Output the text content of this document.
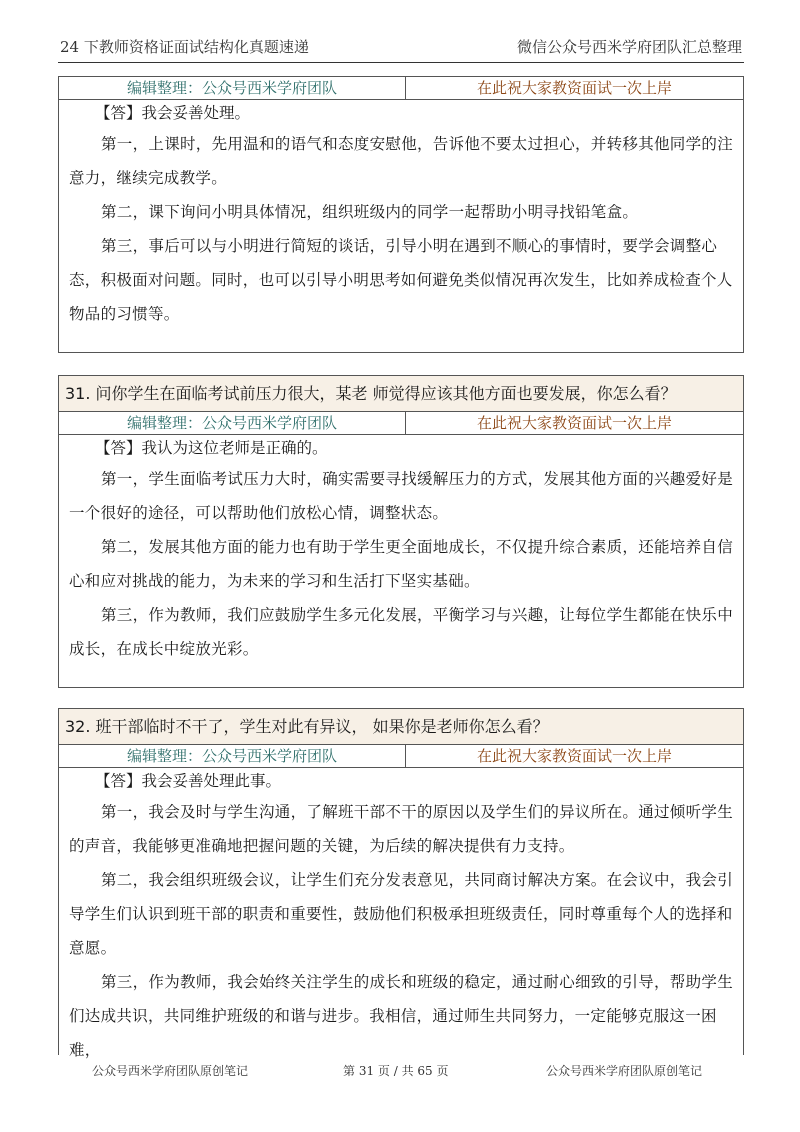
24 下教师资格证面试结构化真题速递	微信公众号西米学府团队汇总整理
编辑整理：公众号西米学府团队	在此祝大家教资面试一次上岸
【答】我会妥善处理。

第一，上课时，先用温和的语气和态度安慰他，告诉他不要太过担心，并转移其他同学的注意力，继续完成教学。

第二，课下询问小明具体情况，组织班级内的同学一起帮助小明寻找铅笔盒。

第三，事后可以与小明进行简短的谈话，引导小明在遇到不顺心的事情时，要学会调整心态，积极面对问题。同时，也可以引导小明思考如何避免类似情况再次发生，比如养成检查个人物品的习惯等。

31. 问你学生在面临考试前压力很大，某老 师觉得应该其他方面也要发展，你怎么看？
编辑整理：公众号西米学府团队	在此祝大家教资面试一次上岸
【答】我认为这位老师是正确的。

第一，学生面临考试压力大时，确实需要寻找缓解压力的方式，发展其他方面的兴趣爱好是一个很好的途径，可以帮助他们放松心情，调整状态。

第二，发展其他方面的能力也有助于学生更全面地成长，不仅提升综合素质，还能培养自信心和应对挑战的能力，为未来的学习和生活打下坚实基础。

第三，作为教师，我们应鼓励学生多元化发展，平衡学习与兴趣，让每位学生都能在快乐中成长，在成长中绽放光彩。

32. 班干部临时不干了，学生对此有异议， 如果你是老师你怎么看？
编辑整理：公众号西米学府团队	在此祝大家教资面试一次上岸
【答】我会妥善处理此事。

第一，我会及时与学生沟通，了解班干部不干的原因以及学生们的异议所在。通过倾听学生的声音，我能够更准确地把握问题的关键，为后续的解决提供有力支持。

第二，我会组织班级会议，让学生们充分发表意见，共同商讨解决方案。在会议中，我会引导学生们认识到班干部的职责和重要性，鼓励他们积极承担班级责任，同时尊重每个人的选择和意愿。

第三，作为教师，我会始终关注学生的成长和班级的稳定，通过耐心细致的引导，帮助学生们达成共识，共同维护班级的和谐与进步。我相信，通过师生共同努力，一定能够克服这一困难，

公众号西米学府团队原创笔记	第 31 页 / 共 65 页	公众号西米学府团队原创笔记
